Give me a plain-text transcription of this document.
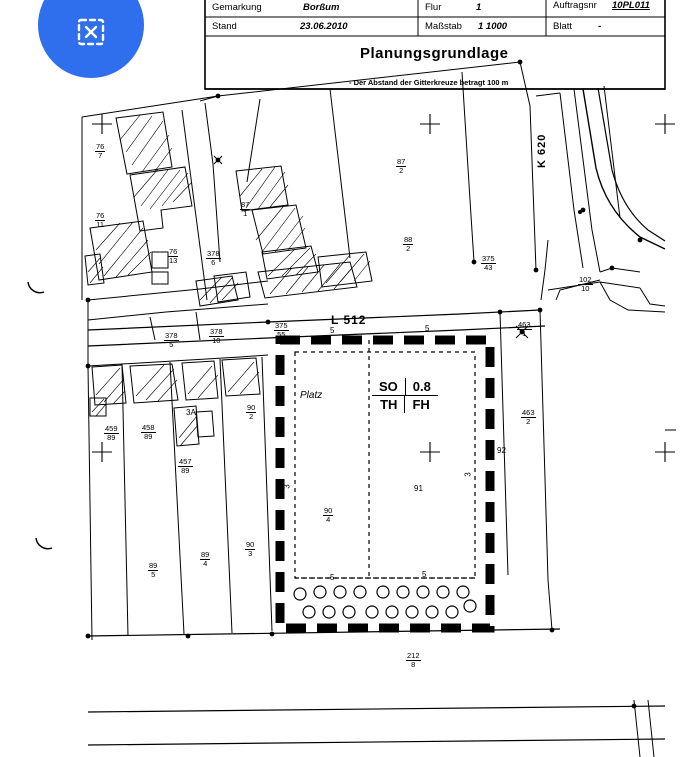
Gemarkung	Borßum	Flur	1	Auftragsnr 10PL011
Stand	23.06.2010	Maßstab 1 1000	Blatt	-
Planungsgrundlage
- Der Abstand der Gitterkreuze betragt 100 m
L 512
K 620
Platz
SO	0.8
TH	FH
$\frac{76}{7}$
$\frac{76}{11}$
$\frac{76}{13}$
$\frac{87}{2}$
$\frac{87}{1}$
$\frac{88}{2}$
$\frac{375}{43}$
$\frac{102}{10}$
$\frac{378}{6}$
$\frac{378}{5}$	$\frac{378}{10}$	$\frac{375}{55}$	$\frac{463}{1}$
$\frac{463}{2}$
$\frac{459}{89}$	$\frac{458}{89}$
$\frac{457}{89}$
$\frac{90}{2}$
$\frac{90}{4}$
$\frac{90}{3}$
$\frac{89}{4}$
$\frac{89}{5}$
$\frac{212}{8}$
92
91
3A
3
3
5	5
5	5
